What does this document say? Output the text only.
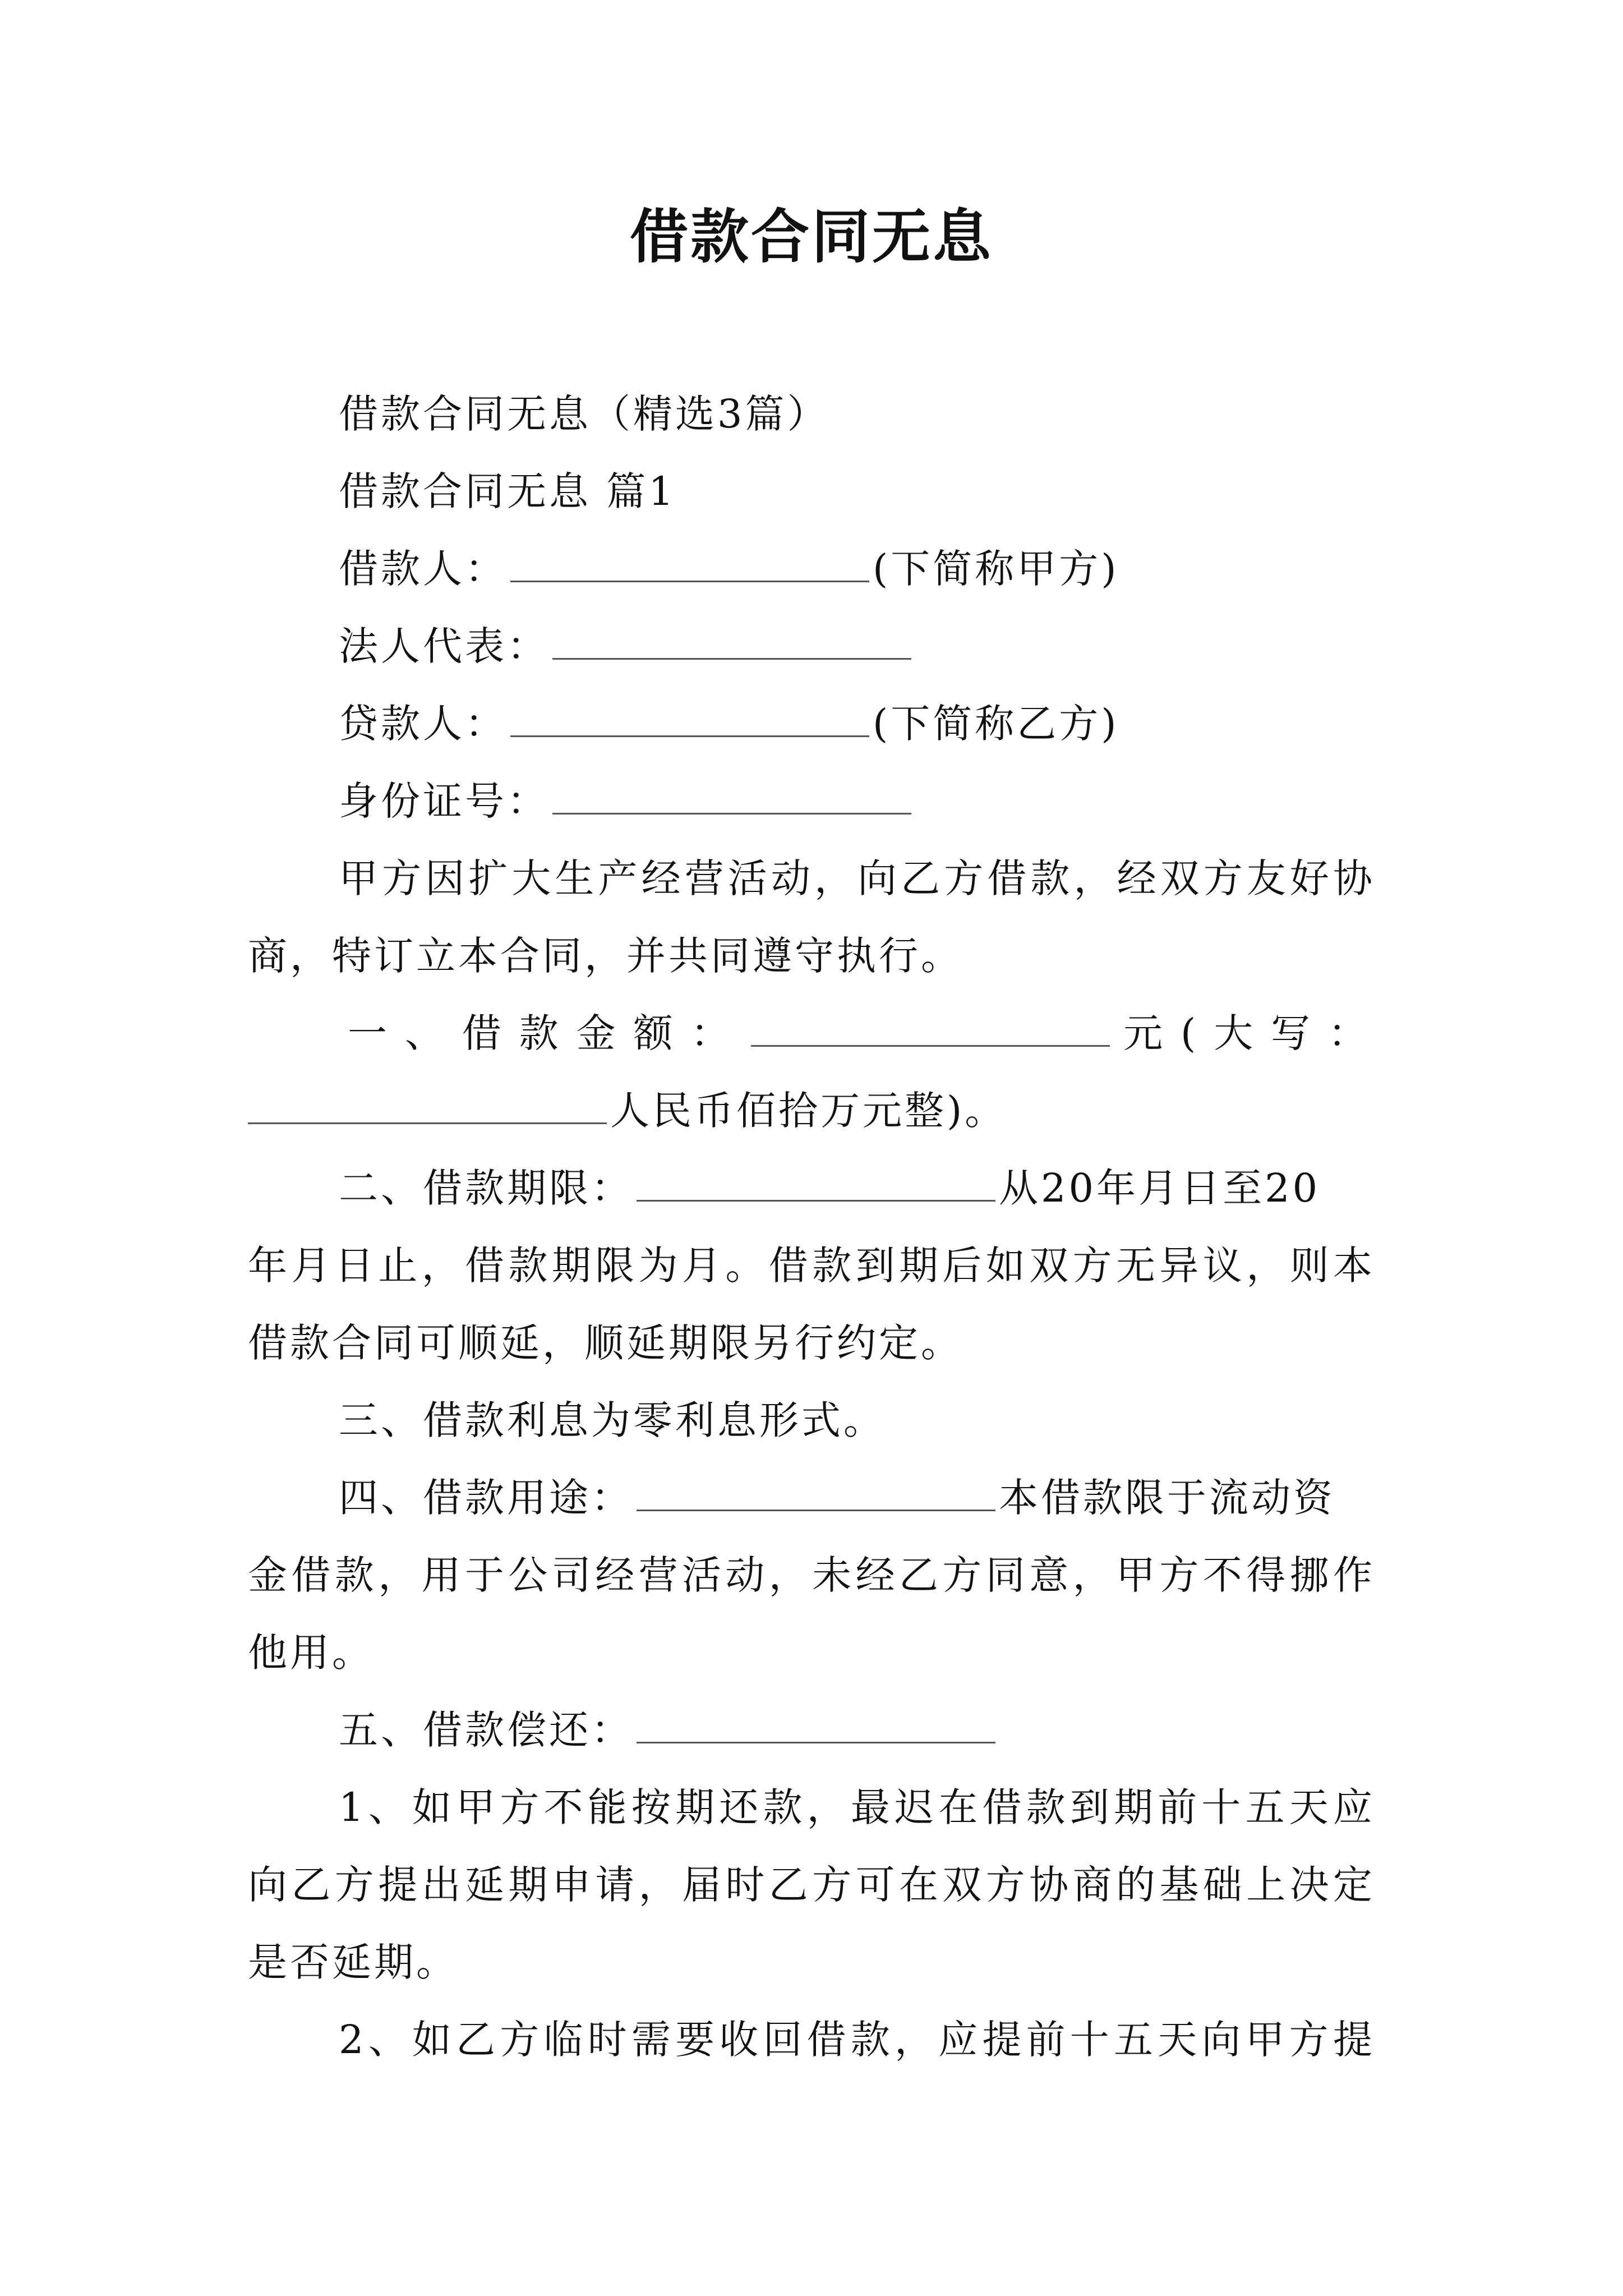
借款合同无息
借款合同无息（精选3篇）
借款合同无息 篇1
借款人：	(下简称甲方)
法人代表：
贷款人：	(下简称乙方)
身份证号：
甲方因扩大生产经营活动，向乙方借款，经双方友好协
商，特订立本合同，并共同遵守执行。
一、借款金额：	元(大写：
人民币佰拾万元整)。
二、借款期限：	从20年月日至20
年月日止，借款期限为月。借款到期后如双方无异议，则本
借款合同可顺延，顺延期限另行约定。
三、借款利息为零利息形式。
四、借款用途：	本借款限于流动资
金借款，用于公司经营活动，未经乙方同意，甲方不得挪作
他用。
五、借款偿还：
1、如甲方不能按期还款，最迟在借款到期前十五天应
向乙方提出延期申请，届时乙方可在双方协商的基础上决定
是否延期。
2、如乙方临时需要收回借款，应提前十五天向甲方提
